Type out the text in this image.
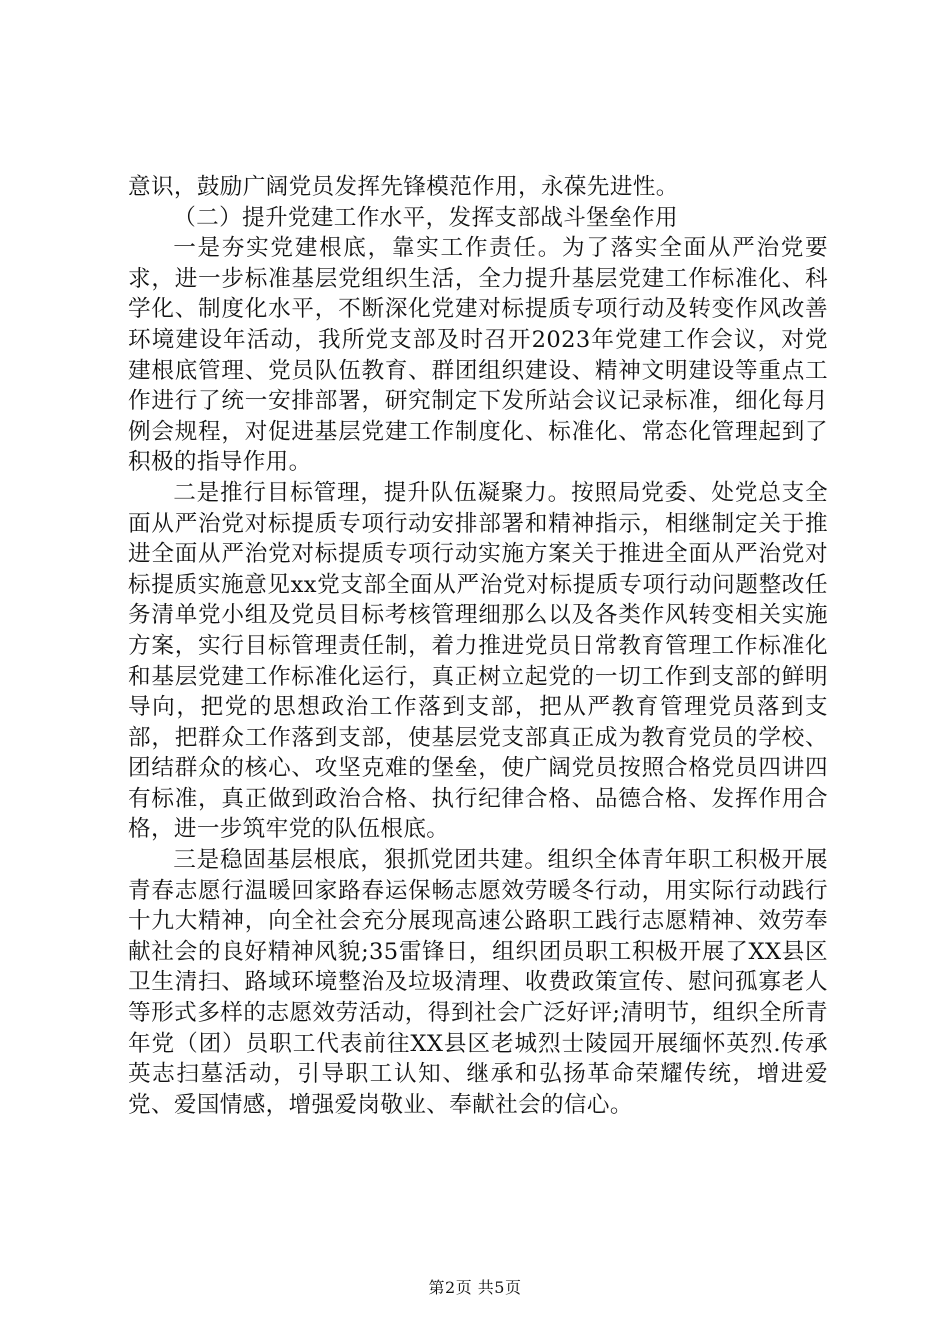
意识，鼓励广阔党员发挥先锋模范作用，永葆先进性。

（二）提升党建工作水平，发挥支部战斗堡垒作用

一是夯实党建根底，靠实工作责任。为了落实全面从严治党要求，进一步标准基层党组织生活，全力提升基层党建工作标准化、科学化、制度化水平，不断深化党建对标提质专项行动及转变作风改善环境建设年活动，我所党支部及时召开2023年党建工作会议，对党建根底管理、党员队伍教育、群团组织建设、精神文明建设等重点工作进行了统一安排部署，研究制定下发所站会议记录标准，细化每月例会规程，对促进基层党建工作制度化、标准化、常态化管理起到了积极的指导作用。

二是推行目标管理，提升队伍凝聚力。按照局党委、处党总支全面从严治党对标提质专项行动安排部署和精神指示，相继制定关于推进全面从严治党对标提质专项行动实施方案关于推进全面从严治党对标提质实施意见xx党支部全面从严治党对标提质专项行动问题整改任务清单党小组及党员目标考核管理细那么以及各类作风转变相关实施方案，实行目标管理责任制，着力推进党员日常教育管理工作标准化和基层党建工作标准化运行，真正树立起党的一切工作到支部的鲜明导向，把党的思想政治工作落到支部，把从严教育管理党员落到支部，把群众工作落到支部，使基层党支部真正成为教育党员的学校、团结群众的核心、攻坚克难的堡垒，使广阔党员按照合格党员四讲四有标准，真正做到政治合格、执行纪律合格、品德合格、发挥作用合格，进一步筑牢党的队伍根底。

三是稳固基层根底，狠抓党团共建。组织全体青年职工积极开展青春志愿行温暖回家路春运保畅志愿效劳暖冬行动，用实际行动践行十九大精神，向全社会充分展现高速公路职工践行志愿精神、效劳奉献社会的良好精神风貌;35雷锋日，组织团员职工积极开展了XX县区卫生清扫、路域环境整治及垃圾清理、收费政策宣传、慰问孤寡老人等形式多样的志愿效劳活动，得到社会广泛好评;清明节，组织全所青年党（团）员职工代表前往XX县区老城烈士陵园开展缅怀英烈.传承英志扫墓活动，引导职工认知、继承和弘扬革命荣耀传统，增进爱党、爱国情感，增强爱岗敬业、奉献社会的信心。

第2页 共5页
